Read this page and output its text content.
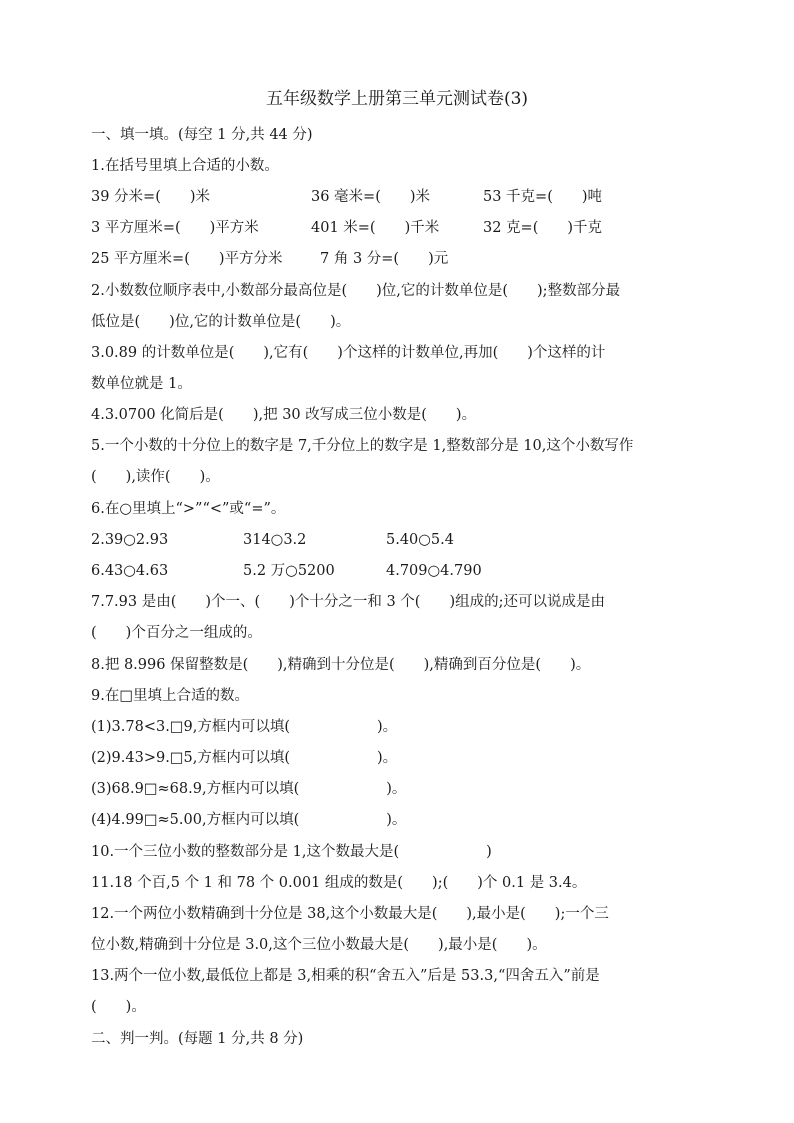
五年级数学上册第三单元测试卷(3)
一、填一填。(每空 1 分,共 44 分)
1.在括号里填上合适的小数。
39 分米=(　　)米	36 毫米=(　　)米	53 千克=(　　)吨
3 平方厘米=(　　)平方米	401 米=(　　)千米	32 克=(　　)千克
25 平方厘米=(　　)平方分米	7 角 3 分=(　　)元
2.小数数位顺序表中,小数部分最高位是(　　)位,它的计数单位是(　　);整数部分最
低位是(　　)位,它的计数单位是(　　)。
3.0.89 的计数单位是(　　),它有(　　)个这样的计数单位,再加(　　)个这样的计
数单位就是 1。
4.3.0700 化简后是(　　),把 30 改写成三位小数是(　　)。
5.一个小数的十分位上的数字是 7,千分位上的数字是 1,整数部分是 10,这个小数写作
(　　),读作(　　)。
6.在○里填上“>”“<”或“=”。
2.39○2.93	314○3.2	5.40○5.4
6.43○4.63	5.2 万○5200	4.709○4.790
7.7.93 是由(　　)个一、(　　)个十分之一和 3 个(　　)组成的;还可以说成是由
(　　)个百分之一组成的。
8.把 8.996 保留整数是(　　),精确到十分位是(　　),精确到百分位是(　　)。
9.在□里填上合适的数。
(1)3.78<3.□9,方框内可以填(　　　　　　)。
(2)9.43>9.□5,方框内可以填(　　　　　　)。
(3)68.9□≈68.9,方框内可以填(　　　　　　)。
(4)4.99□≈5.00,方框内可以填(　　　　　　)。
10.一个三位小数的整数部分是 1,这个数最大是(　　　　　　)
11.18 个百,5 个 1 和 78 个 0.001 组成的数是(　　);(　　)个 0.1 是 3.4。
12.一个两位小数精确到十分位是 38,这个小数最大是(　　),最小是(　　);一个三
位小数,精确到十分位是 3.0,这个三位小数最大是(　　),最小是(　　)。
13.两个一位小数,最低位上都是 3,相乘的积“舍五入”后是 53.3,“四舍五入”前是
(　　)。
二、判一判。(每题 1 分,共 8 分)
